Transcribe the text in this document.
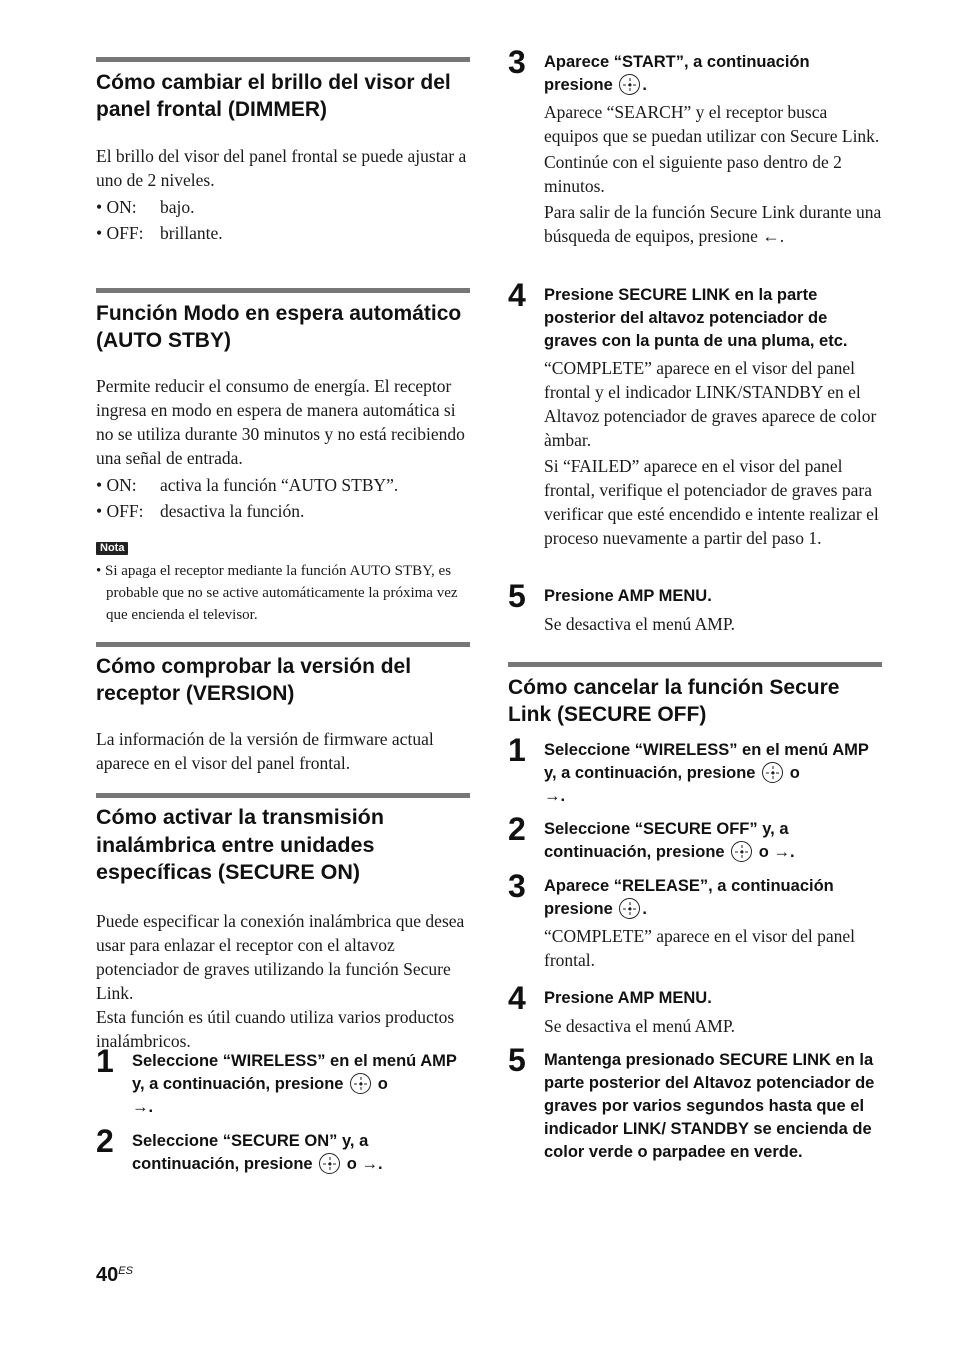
Cómo cambiar el brillo del visor del panel frontal (DIMMER)

El brillo del visor del panel frontal se puede ajustar a uno de 2 niveles.

• ON:	bajo.
• OFF: brillante.
Función Modo en espera automático (AUTO STBY)

Permite reducir el consumo de energía. El receptor ingresa en modo en espera de manera automática si no se utiliza durante 30 minutos y no está recibiendo una señal de entrada.

• ON:	activa la función “AUTO STBY”.
• OFF: desactiva la función.
Nota

• Si apaga el receptor mediante la función AUTO STBY, es probable que no se active automáticamente la próxima vez que encienda el televisor.

Cómo comprobar la versión del receptor (VERSION)

La información de la versión de firmware actual aparece en el visor del panel frontal.

Cómo activar la transmisión inalámbrica entre unidades específicas (SECURE ON)

Puede especificar la conexión inalámbrica que desea usar para enlazar el receptor con el altavoz potenciador de graves utilizando la función Secure Link.

Esta función es útil cuando utiliza varios productos inalámbricos.

1 Seleccione “WIRELESS” en el menú AMP y, a continuación, presione o
→.
2 Seleccione “SECURE ON” y, a continuación, presione o →.
3 Aparece “START”, a continuación presione .

Aparece “SEARCH” y el receptor busca equipos que se puedan utilizar con Secure Link.

Continúe con el siguiente paso dentro de 2 minutos.

Para salir de la función Secure Link durante una búsqueda de equipos, presione ←.

4 Presione SECURE LINK en la parte posterior del altavoz potenciador de graves con la punta de una pluma, etc.

“COMPLETE” aparece en el visor del panel frontal y el indicador LINK/STANDBY en el Altavoz potenciador de graves aparece de color àmbar.

Si “FAILED” aparece en el visor del panel frontal, verifique el potenciador de graves para verificar que esté encendido e intente realizar el proceso nuevamente a partir del paso 1.

5 Presione AMP MENU.

Se desactiva el menú AMP.

Cómo cancelar la función Secure Link (SECURE OFF)
1 Seleccione “WIRELESS” en el menú AMP y, a continuación, presione o
→.
2 Seleccione “SECURE OFF” y, a continuación, presione o →.
3 Aparece “RELEASE”, a continuación presione .

“COMPLETE” aparece en el visor del panel frontal.

4 Presione AMP MENU.

Se desactiva el menú AMP.

5 Mantenga presionado SECURE LINK en la parte posterior del Altavoz potenciador de graves por varios segundos hasta que el indicador LINK/ STANDBY se encienda de color verde o parpadee en verde.
$40^{ES}$
